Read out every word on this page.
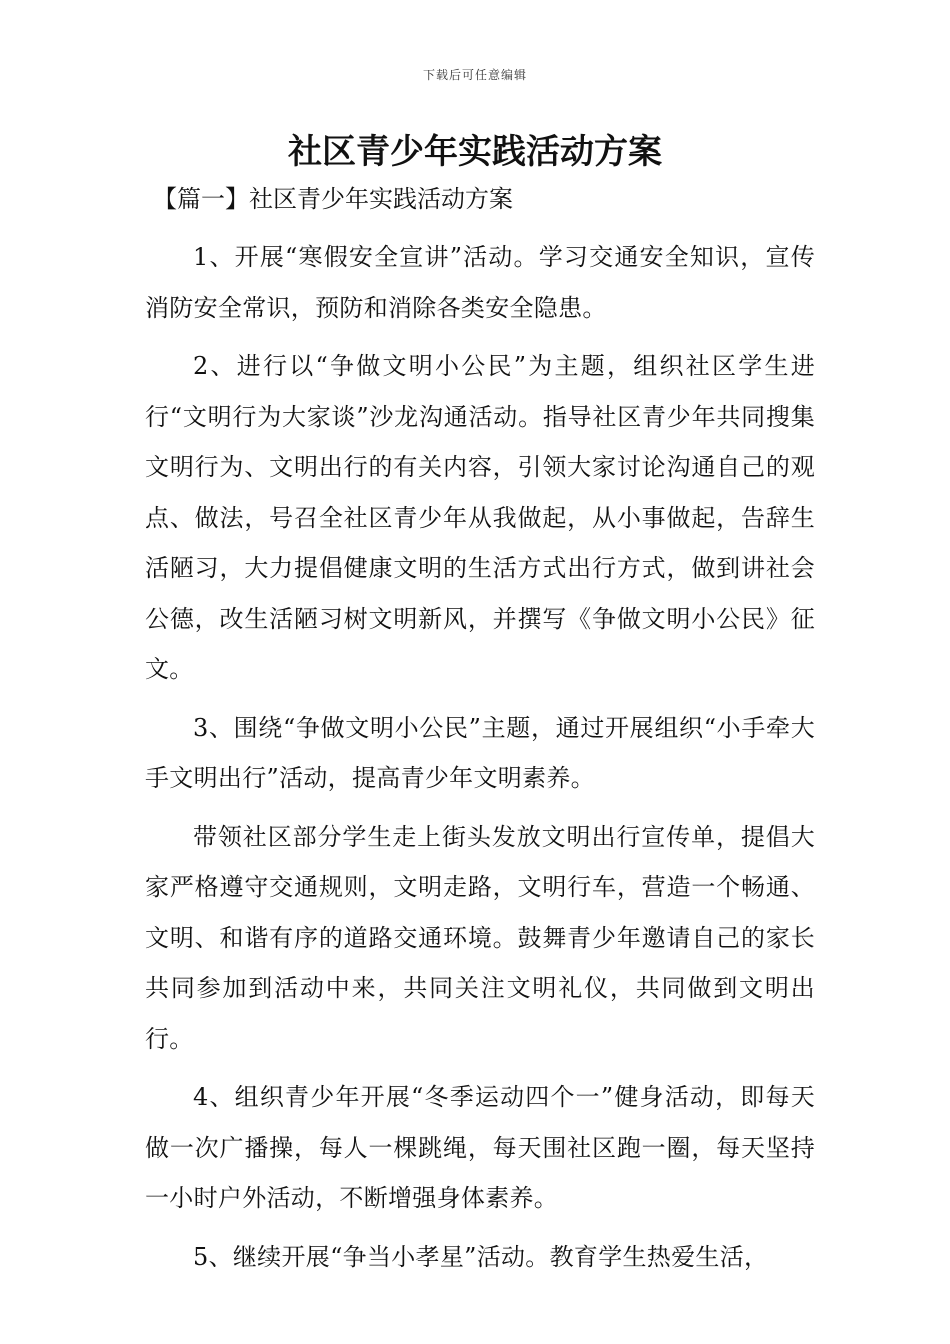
下载后可任意编辑
社区青少年实践活动方案
【篇一】社区青少年实践活动方案

1、开展“寒假安全宣讲”活动。学习交通安全知识，宣传消防安全常识，预防和消除各类安全隐患。

2、进行以“争做文明小公民”为主题，组织社区学生进行“文明行为大家谈”沙龙沟通活动。指导社区青少年共同搜集文明行为、文明出行的有关内容，引领大家讨论沟通自己的观点、做法，号召全社区青少年从我做起，从小事做起，告辞生活陋习，大力提倡健康文明的生活方式出行方式，做到讲社会公德，改生活陋习树文明新风，并撰写《争做文明小公民》征文。

3、围绕“争做文明小公民”主题，通过开展组织“小手牵大手文明出行”活动，提高青少年文明素养。

带领社区部分学生走上街头发放文明出行宣传单，提倡大家严格遵守交通规则，文明走路，文明行车，营造一个畅通、文明、和谐有序的道路交通环境。鼓舞青少年邀请自己的家长共同参加到活动中来，共同关注文明礼仪，共同做到文明出行。

4、组织青少年开展“冬季运动四个一”健身活动，即每天做一次广播操，每人一棵跳绳，每天围社区跑一圈，每天坚持一小时户外活动，不断增强身体素养。

5、继续开展“争当小孝星”活动。教育学生热爱生活，
